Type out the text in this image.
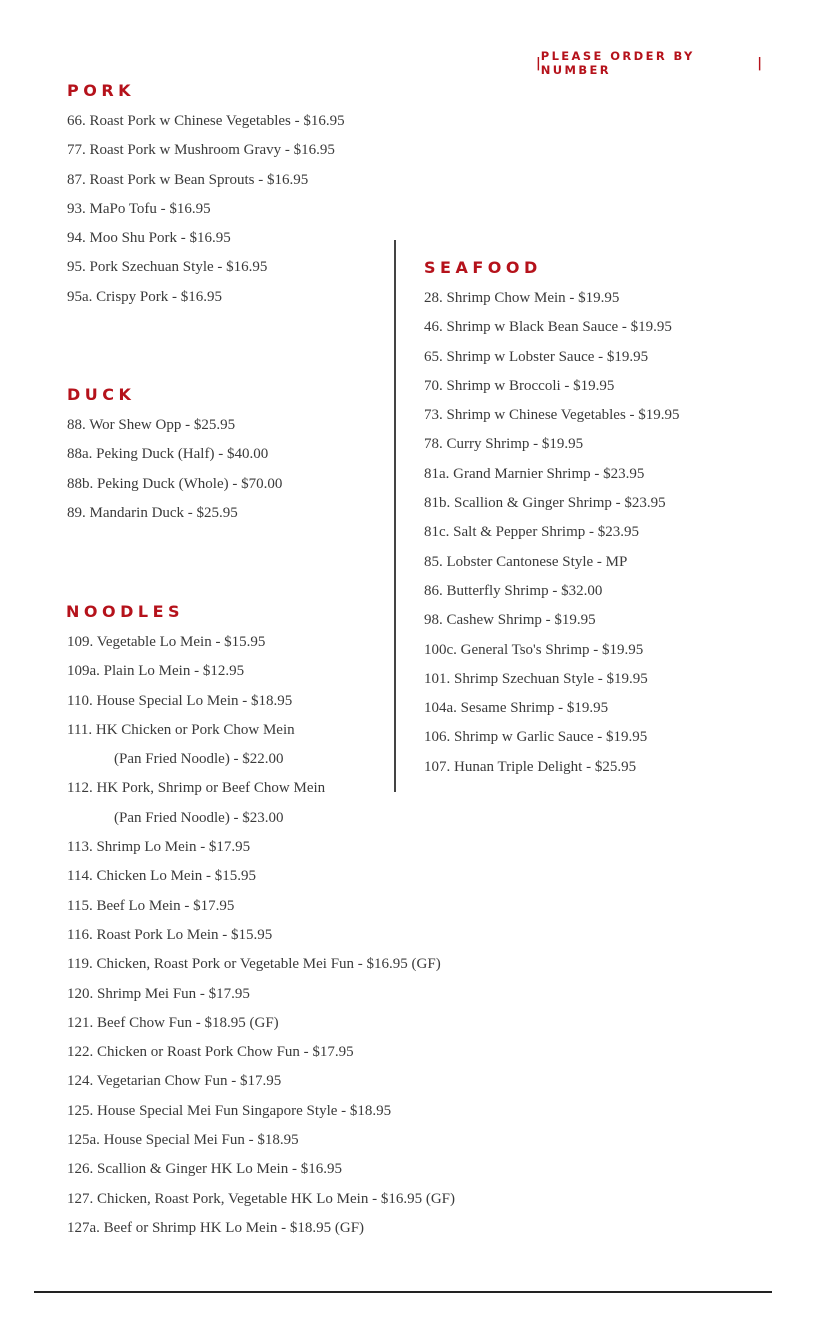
| PLEASE ORDER BY NUMBER	|
PORK
66. Roast Pork w Chinese Vegetables - $16.95
77. Roast Pork w Mushroom Gravy - $16.95
87. Roast Pork w Bean Sprouts - $16.95
93. MaPo Tofu - $16.95
94. Moo Shu Pork - $16.95
95. Pork Szechuan Style - $16.95
95a. Crispy Pork - $16.95
DUCK
88. Wor Shew Opp - $25.95
88a. Peking Duck (Half) - $40.00
88b. Peking Duck (Whole) - $70.00
89. Mandarin Duck - $25.95
NOODLES
109. Vegetable Lo Mein - $15.95
109a. Plain Lo Mein - $12.95
110. House Special Lo Mein - $18.95
111. HK Chicken or Pork Chow Mein
(Pan Fried Noodle) - $22.00
112. HK Pork, Shrimp or Beef Chow Mein
(Pan Fried Noodle) - $23.00
113. Shrimp Lo Mein - $17.95
114. Chicken Lo Mein - $15.95
115. Beef Lo Mein - $17.95
116. Roast Pork Lo Mein - $15.95
119. Chicken, Roast Pork or Vegetable Mei Fun - $16.95 (GF)
120. Shrimp Mei Fun - $17.95
121. Beef Chow Fun - $18.95 (GF)
122. Chicken or Roast Pork Chow Fun - $17.95
124. Vegetarian Chow Fun - $17.95
125. House Special Mei Fun Singapore Style - $18.95
125a. House Special Mei Fun - $18.95
126. Scallion & Ginger HK Lo Mein - $16.95
127. Chicken, Roast Pork, Vegetable HK Lo Mein - $16.95 (GF)
127a. Beef or Shrimp HK Lo Mein - $18.95 (GF)
SEAFOOD
28. Shrimp Chow Mein - $19.95
46. Shrimp w Black Bean Sauce - $19.95
65. Shrimp w Lobster Sauce - $19.95
70. Shrimp w Broccoli - $19.95
73. Shrimp w Chinese Vegetables - $19.95
78. Curry Shrimp - $19.95
81a. Grand Marnier Shrimp - $23.95
81b. Scallion & Ginger Shrimp - $23.95
81c. Salt & Pepper Shrimp - $23.95
85. Lobster Cantonese Style - MP
86. Butterfly Shrimp - $32.00
98. Cashew Shrimp - $19.95
100c. General Tso's Shrimp - $19.95
101. Shrimp Szechuan Style - $19.95
104a. Sesame Shrimp - $19.95
106. Shrimp w Garlic Sauce - $19.95
107. Hunan Triple Delight - $25.95
